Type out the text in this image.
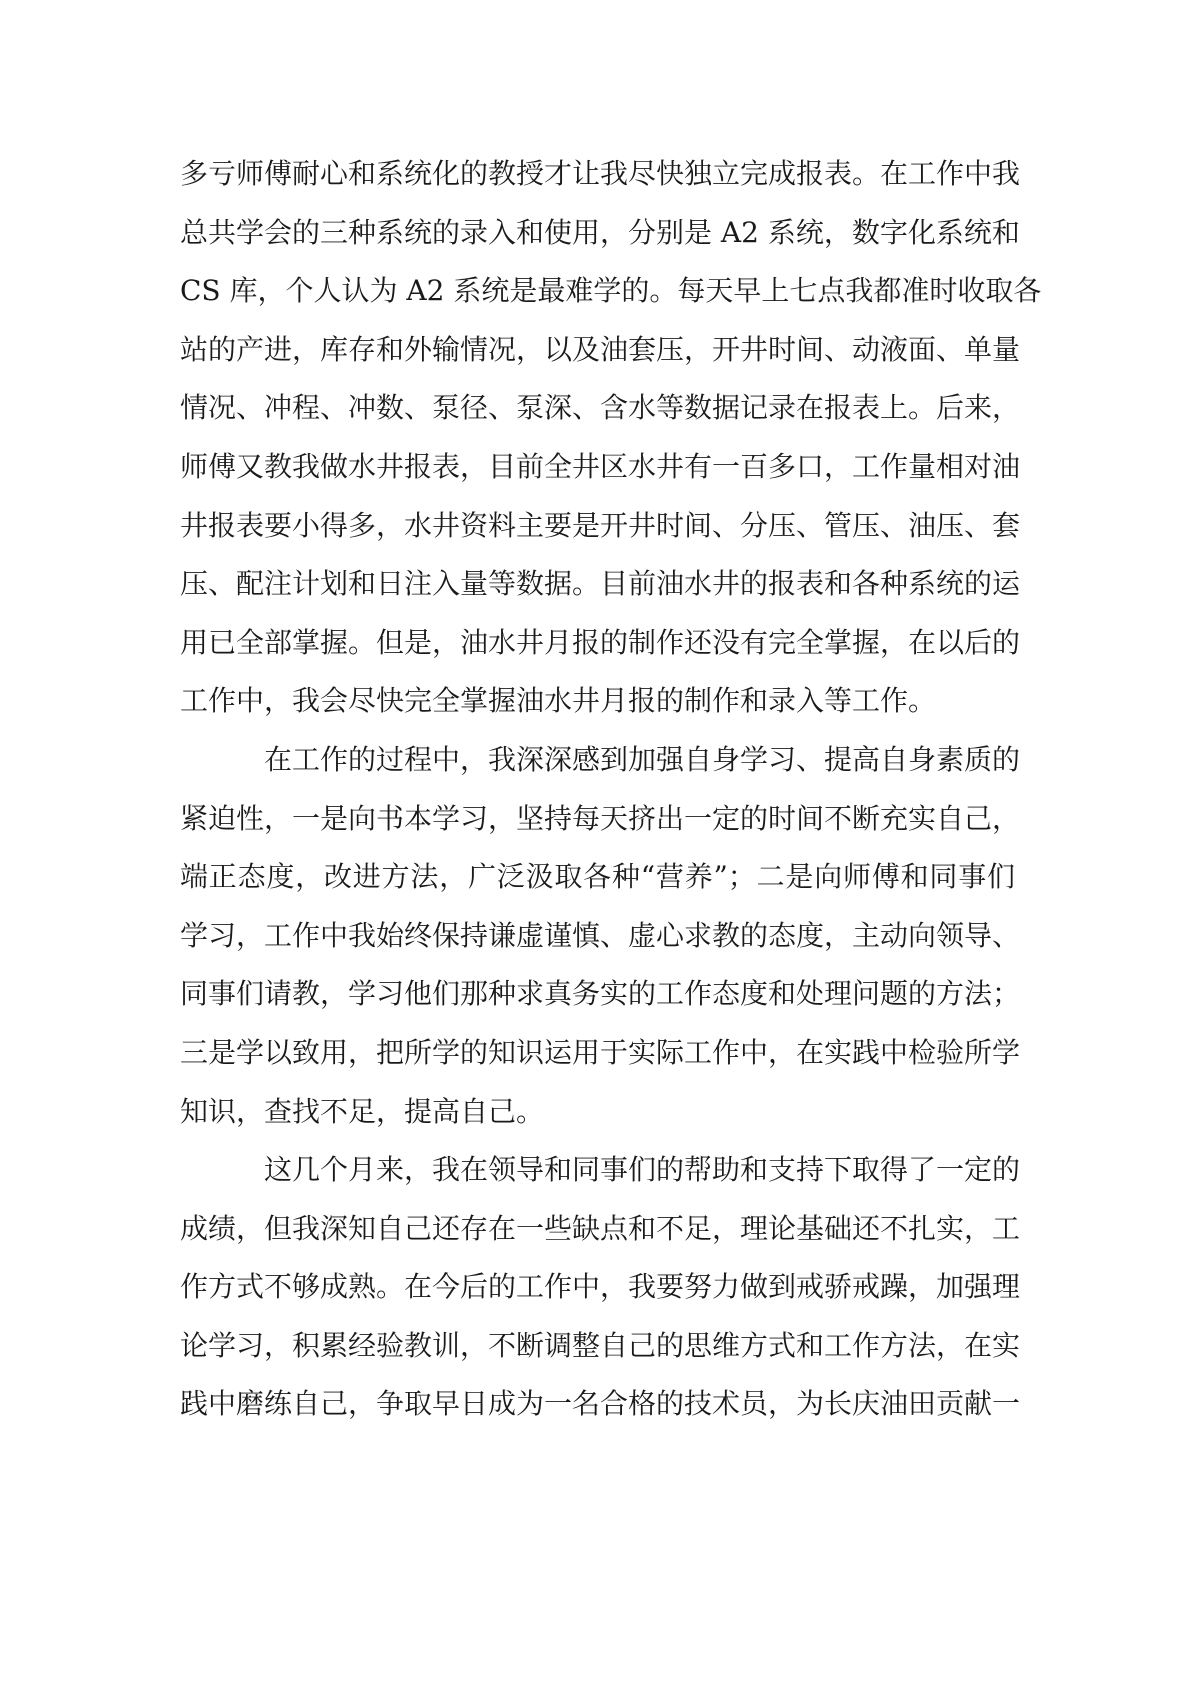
多亏师傅耐心和系统化的教授才让我尽快独立完成报表。在工作中我
总共学会的三种系统的录入和使用，分别是 A2 系统，数字化系统和
CS 库，个人认为 A2 系统是最难学的。每天早上七点我都准时收取各
站的产进，库存和外输情况，以及油套压，开井时间、动液面、单量
情况、冲程、冲数、泵径、泵深、含水等数据记录在报表上。后来，
师傅又教我做水井报表，目前全井区水井有一百多口，工作量相对油
井报表要小得多，水井资料主要是开井时间、分压、管压、油压、套
压、配注计划和日注入量等数据。目前油水井的报表和各种系统的运
用已全部掌握。但是，油水井月报的制作还没有完全掌握，在以后的
工作中，我会尽快完全掌握油水井月报的制作和录入等工作。
在工作的过程中，我深深感到加强自身学习、提高自身素质的
紧迫性，一是向书本学习，坚持每天挤出一定的时间不断充实自己，
端正态度，改进方法，广泛汲取各种“营养”；二是向师傅和同事们
学习，工作中我始终保持谦虚谨慎、虚心求教的态度，主动向领导、
同事们请教，学习他们那种求真务实的工作态度和处理问题的方法；
三是学以致用，把所学的知识运用于实际工作中，在实践中检验所学
知识，查找不足，提高自己。
这几个月来，我在领导和同事们的帮助和支持下取得了一定的
成绩，但我深知自己还存在一些缺点和不足，理论基础还不扎实，工
作方式不够成熟。在今后的工作中，我要努力做到戒骄戒躁，加强理
论学习，积累经验教训，不断调整自己的思维方式和工作方法，在实
践中磨练自己，争取早日成为一名合格的技术员，为长庆油田贡献一
